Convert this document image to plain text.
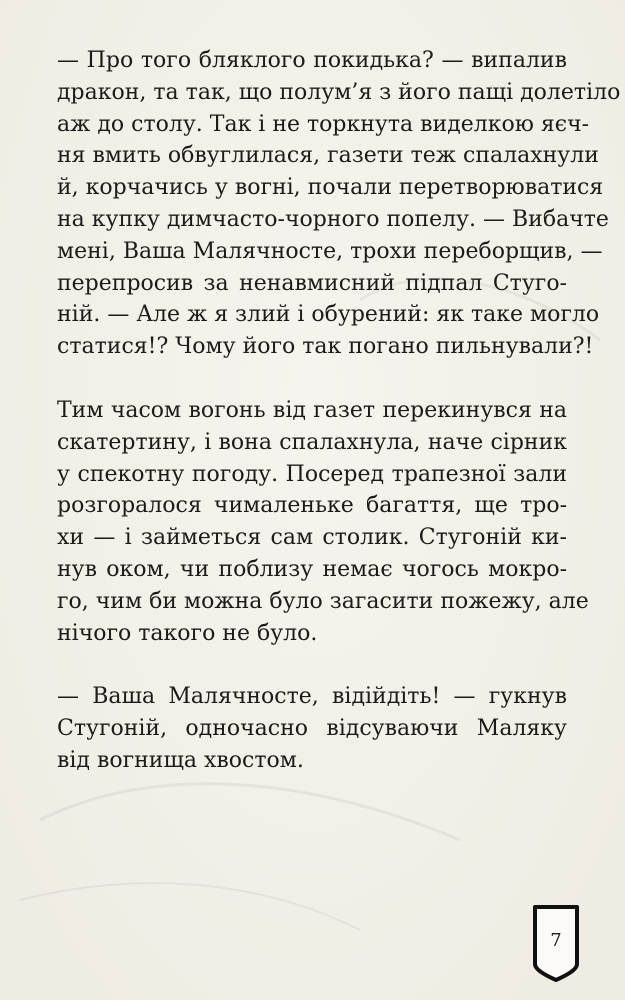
— Про того бляклого покидька? — випалив
дракон, та так, що полум’я з його пащі долетіло
аж до столу. Так і не торкнута виделкою яєч-
ня вмить обвуглилася, газети теж спалахнули
й, корчачись у вогні, почали перетворюватися
на купку димчасто-чорного попелу. — Вибачте
мені, Ваша Малячносте, трохи переборщив, —
перепросив за ненавмисний підпал Стуго-
ній. — Але ж я злий і обурений: як таке могло
статися!? Чому його так погано пильнували?!
Тим часом вогонь від газет перекинувся на
скатертину, і вона спалахнула, наче сірник
у спекотну погоду. Посеред трапезної зали
розгоралося чималеньке багаття, ще тро-
хи — і займеться сам столик. Стугоній ки-
нув оком, чи поблизу немає чогось мокро-
го, чим би можна було загасити пожежу, але
нічого такого не було.
— Ваша Малячносте, відійдіть! — гукнув
Стугоній, одночасно відсуваючи Маляку
від вогнища хвостом.
7
